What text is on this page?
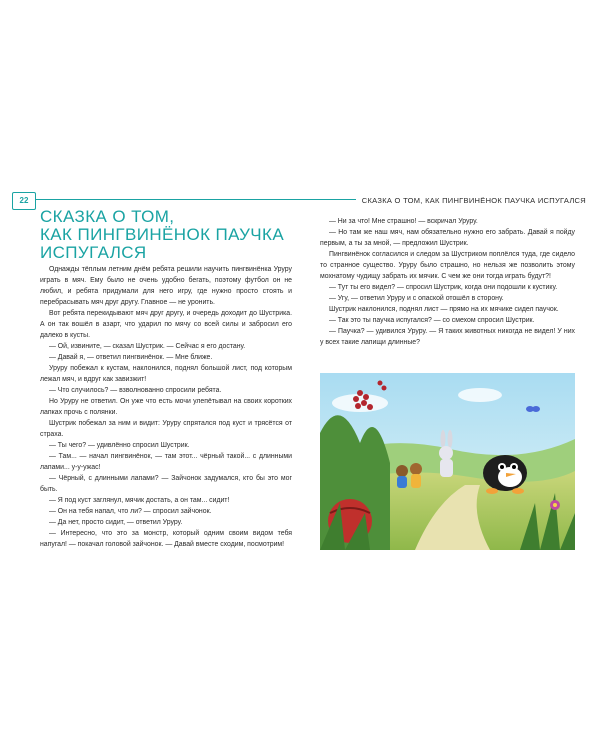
22	СКАЗКА О ТОМ, КАК ПИНГВИНЁНОК ПАУЧКА ИСПУГАЛСЯ
СКАЗКА О ТОМ,
КАК ПИНГВИНЁНОК ПАУЧКА
ИСПУГАЛСЯ

Однажды тёплым летним днём ребята решили научить пингвинёнка Уруру играть в мяч. Ему было не очень удобно бегать, поэтому футбол он не любил, и ребята придумали для него игру, где нужно просто стоять и перебрасывать мяч друг другу. Главное — не уронить.

Вот ребята перекидывают мяч друг другу, и очередь доходит до Шустрика. А он так вошёл в азарт, что ударил по мячу со всей силы и забросил его далеко в кусты.

— Ой, извините, — сказал Шустрик. — Сейчас я его достану.

— Давай я, — ответил пингвинёнок. — Мне ближе.

Уруру побежал к кустам, наклонился, поднял большой лист, под которым лежал мяч, и вдруг как завизжит!

— Что случилось? — взволнованно спросили ребята.

Но Уруру не ответил. Он уже что есть мочи улепётывал на своих коротких лапках прочь с полянки.

Шустрик побежал за ним и видит: Уруру спрятался под куст и трясётся от страха.

— Ты чего? — удивлённо спросил Шустрик.

— Там... — начал пингвинёнок, — там этот... чёрный такой... с длинными лапами... у-у-ужас!

— Чёрный, с длинными лапами? — Зайчонок задумался, кто бы это мог быть.

— Я под куст заглянул, мячик достать, а он там... сидит!

— Он на тебя напал, что ли? — спросил зайчонок.

— Да нет, просто сидит, — ответил Уруру.

— Интересно, что это за монстр, который одним своим видом тебя напугал! — покачал головой зайчонок. — Давай вместе сходим, посмотрим!

— Ни за что! Мне страшно! — вскричал Уруру.

— Но там же наш мяч, нам обязательно нужно его забрать. Давай я пойду первым, а ты за мной, — предложил Шустрик.

Пингвинёнок согласился и следом за Шустриком поплёлся туда, где сидело то странное существо. Уруру было страшно, но нельзя же позволить этому мохнатому чудищу забрать их мячик. С чем же они тогда играть будут?!

— Тут ты его видел? — спросил Шустрик, когда они подошли к кустику.

— Угу, — ответил Уруру и с опаской отошёл в сторону.

Шустрик наклонился, поднял лист — прямо на их мячике сидел паучок.

— Так это ты паучка испугался? — со смехом спросил Шустрик.

— Паучка? — удивился Уруру. — Я таких животных никогда не видел! У них у всех такие лапищи длинные?
